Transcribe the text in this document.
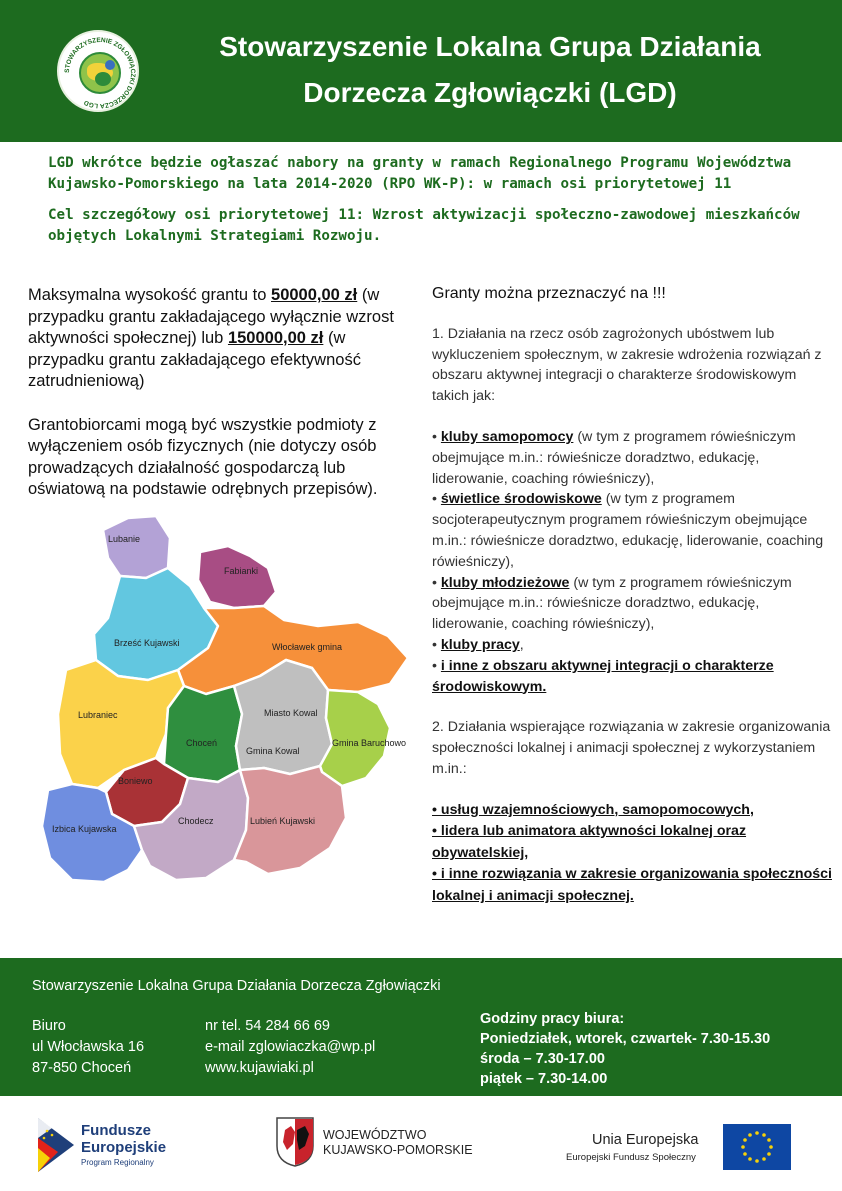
STOWARZYSZENIE ZGŁOWIĄCZKI DORZECZA LGD
Stowarzyszenie Lokalna Grupa Działania
Dorzecza Zgłowiączki (LGD)

LGD wkrótce będzie ogłaszać nabory na granty w ramach Regionalnego Programu Województwa Kujawsko-Pomorskiego na lata 2014-2020 (RPO WK-P): w ramach osi priorytetowej 11

Cel szczegółowy osi priorytetowej 11: Wzrost aktywizacji społeczno-zawodowej mieszkańców objętych Lokalnymi Strategiami Rozwoju.

Maksymalna wysokość grantu to 50000,00 zł (w przypadku grantu zakładającego wyłącznie wzrost aktywności społecznej) lub 150000,00 zł (w przypadku grantu zakładającego efektywność zatrudnieniową)
Grantobiorcami mogą być wszystkie podmioty z wyłączeniem osób fizycznych (nie dotyczy osób prowadzących działalność gospodarczą lub oświatową na podstawie odrębnych przepisów).
Lubanie
Fabianki
Brześć Kujawski	Włocławek gmina
Lubraniec
Choceń
Miasto Kowal
Gmina Kowal
Gmina Baruchowo
Boniewo
Izbica Kujawska
Chodecz	Lubień Kujawski
Granty można przeznaczyć na !!!
1. Działania na rzecz osób zagrożonych ubóstwem lub wykluczeniem społecznym, w zakresie wdrożenia rozwiązań z obszaru aktywnej integracji o charakterze środowiskowym takich jak:
• kluby samopomocy (w tym z programem rówieśniczym obejmujące m.in.: rówieśnicze doradztwo, edukację, liderowanie, coaching rówieśniczy),
• świetlice środowiskowe (w tym z programem socjoterapeutycznym programem rówieśniczym obejmujące m.in.: rówieśnicze doradztwo, edukację, liderowanie, coaching rówieśniczy),
• kluby młodzieżowe (w tym z programem rówieśniczym obejmujące m.in.: rówieśnicze doradztwo, edukację, liderowanie, coaching rówieśniczy),
• kluby pracy,
• i inne z obszaru aktywnej integracji o charakterze środowiskowym.
2. Działania wspierające rozwiązania w zakresie organizowania społeczności lokalnej i animacji społecznej z wykorzystaniem m.in.:
• usług wzajemnościowych, samopomocowych,
• lidera lub animatora aktywności lokalnej oraz obywatelskiej,
• i inne rozwiązania w zakresie organizowania społeczności lokalnej i animacji społecznej.
Stowarzyszenie Lokalna Grupa Działania Dorzecza Zgłowiączki
Biuro
ul Włocławska 16
87-850 Choceń
nr tel. 54 284 66 69
e-mail zglowiaczka@wp.pl
www.kujawiaki.pl
Godziny pracy biura:
Poniedziałek, wtorek, czwartek- 7.30-15.30
środa – 7.30-17.00
piątek – 7.30-14.00
Fundusze
Europejskie
Program Regionalny
WOJEWÓDZTWO
KUJAWSKO-POMORSKIE
Unia Europejska
Europejski Fundusz Społeczny
